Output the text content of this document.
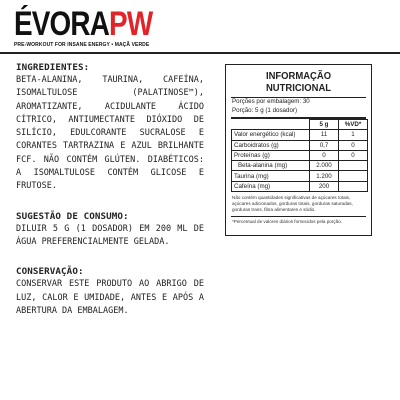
ÉVORAPW
PRE-WORKOUT FOR INSANE ENERGY • MAÇÃ VERDE
INGREDIENTES:
BETA-ALANINA, TAURINA, CAFEÍNA, ISOMALTULOSE (PALATINOSE™), AROMATIZANTE, ACIDULANTE ÁCIDO CÍTRICO, ANTIUMECTANTE DIÓXIDO DE SILÍCIO, EDULCORANTE SUCRALOSE E CORANTES TARTRAZINA E AZUL BRILHANTE FCF. NÃO CONTÉM GLÚTEN. DIABÉTICOS: A ISOMALTULOSE CONTÉM GLICOSE E FRUTOSE.
SUGESTÃO DE CONSUMO:
DILUIR 5 G (1 DOSADOR) EM 200 ML DE ÁGUA PREFERENCIALMENTE GELADA.
CONSERVAÇÃO:
CONSERVAR ESTE PRODUTO AO ABRIGO DE LUZ, CALOR E UMIDADE, ANTES E APÓS A ABERTURA DA EMBALAGEM.
INFORMAÇÃO NUTRICIONAL
Porções por embalagem: 30
Porção: 5 g (1 dosador)
	5 g	%VD*
Valor energético (kcal)	11	1
Carboidratos (g)	0,7	0
Proteínas (g)	0	0
Beta-alanina (mg)	2.000	
Taurina (mg)	1.200	
Cafeína (mg)	200	
Não contém quantidades significativas de açúcares totais, açúcares adicionados, gorduras totais, gorduras saturadas, gorduras trans, fibra alimentares e sódio.
*Percentual de valores diários fornecidos pela porção.
